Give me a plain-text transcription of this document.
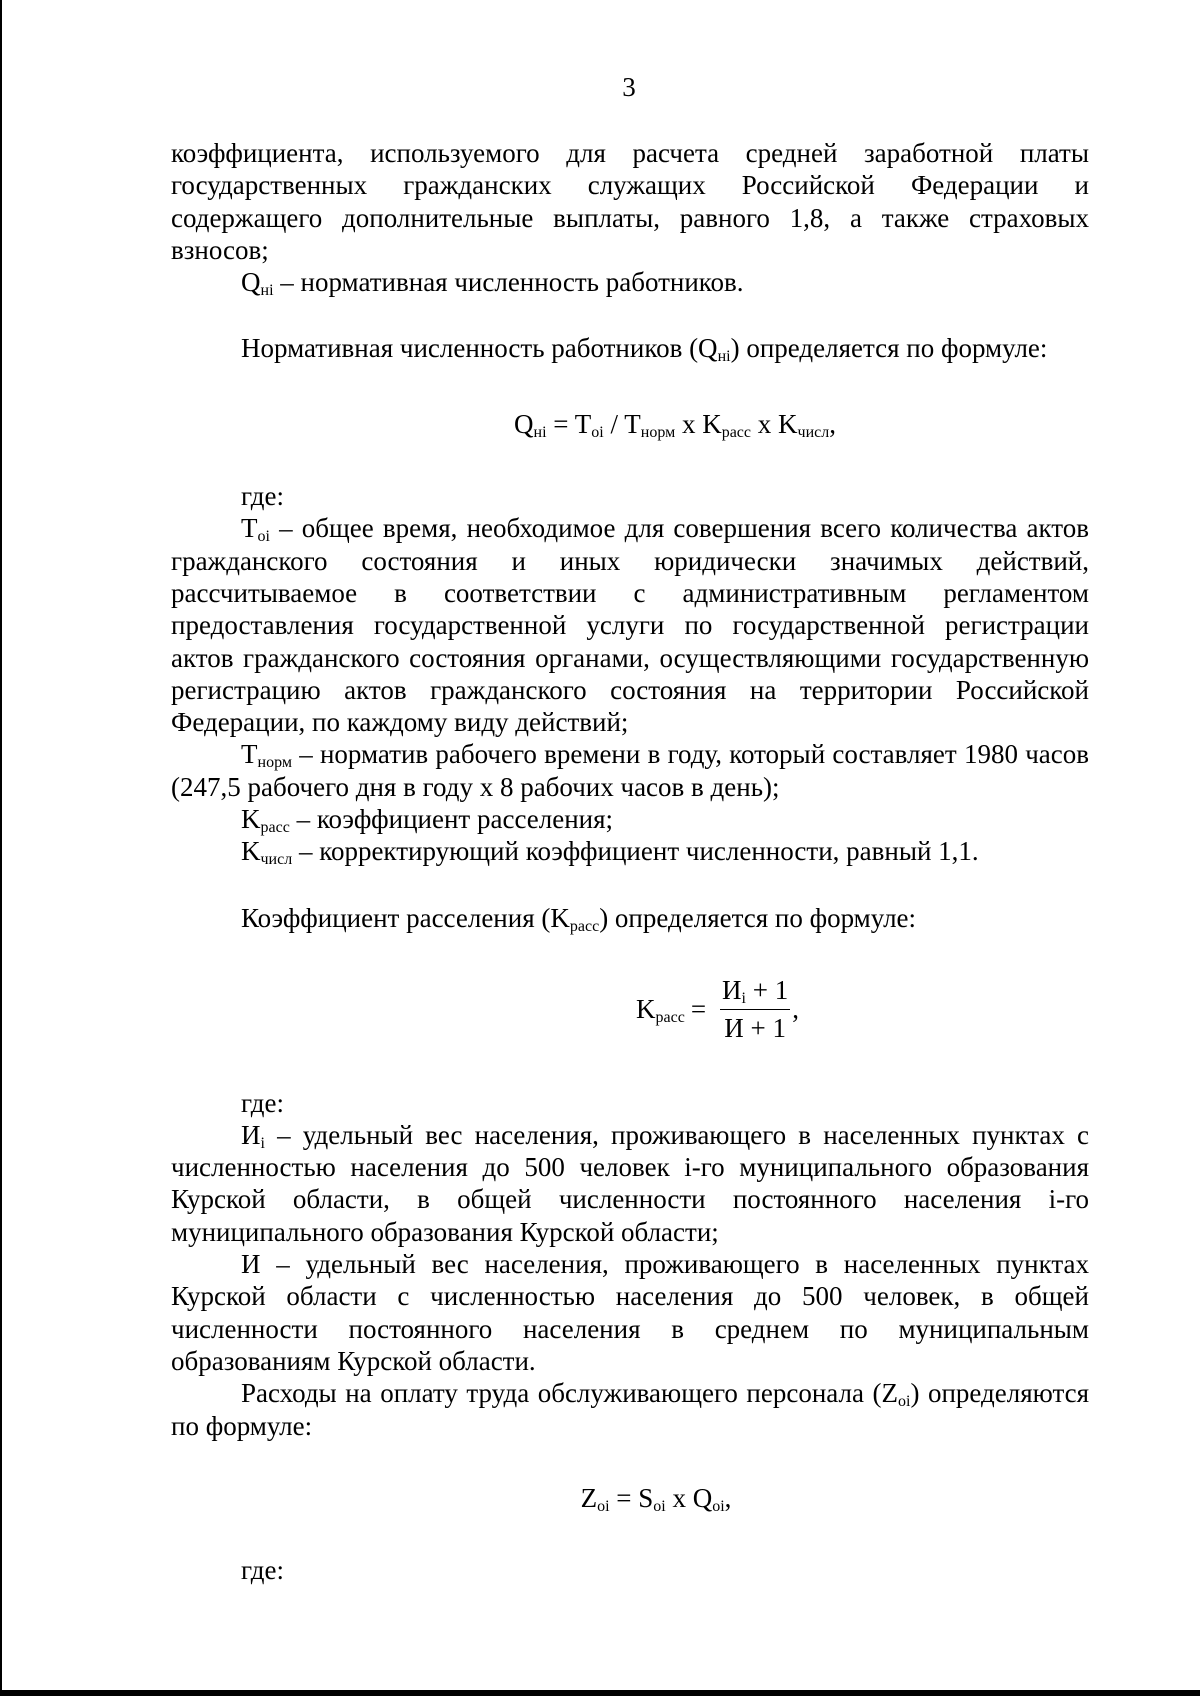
3

коэффициента, используемого для расчета средней заработной платы государственных гражданских служащих Российской Федерации и содержащего дополнительные выплаты, равного 1,8, а также страховых взносов;

$Q_{нi}$ – нормативная численность работников.

Нормативная численность работников $(Q_{нi})$ определяется по формуле:

$Q_{нi} = T_{oi} / T_{норм}$ x $K_{расс}$ x $K_{числ}$,

где:

$T_{oi}$ – общее время, необходимое для совершения всего количества актов гражданского состояния и иных юридически значимых действий, рассчитываемое в соответствии с административным регламентом предоставления государственной услуги по государственной регистрации актов гражданского состояния органами, осуществляющими государственную регистрацию актов гражданского состояния на территории Российской Федерации, по каждому виду действий;

$T_{норм}$ – норматив рабочего времени в году, который составляет 1980 часов (247,5 рабочего дня в году x 8 рабочих часов в день);

$K_{расс}$ – коэффициент расселения;

$K_{числ}$ – корректирующий коэффициент численности, равный 1,1.

Коэффициент расселения $(K_{расс})$ определяется по формуле:

$K_{расс} = \frac{И_i + 1}{И + 1}$ ,

где:

$И_i$ – удельный вес населения, проживающего в населенных пунктах с численностью населения до 500 человек i-го муниципального образования Курской области, в общей численности постоянного населения i-го муниципального образования Курской области;

И – удельный вес населения, проживающего в населенных пунктах Курской области с численностью населения до 500 человек, в общей численности постоянного населения в среднем по муниципальным образованиям Курской области.

Расходы на оплату труда обслуживающего персонала $(Z_{oi})$ определяются по формуле:

$Z_{oi} = S_{oi}$ x $Q_{oi}$,

где:
